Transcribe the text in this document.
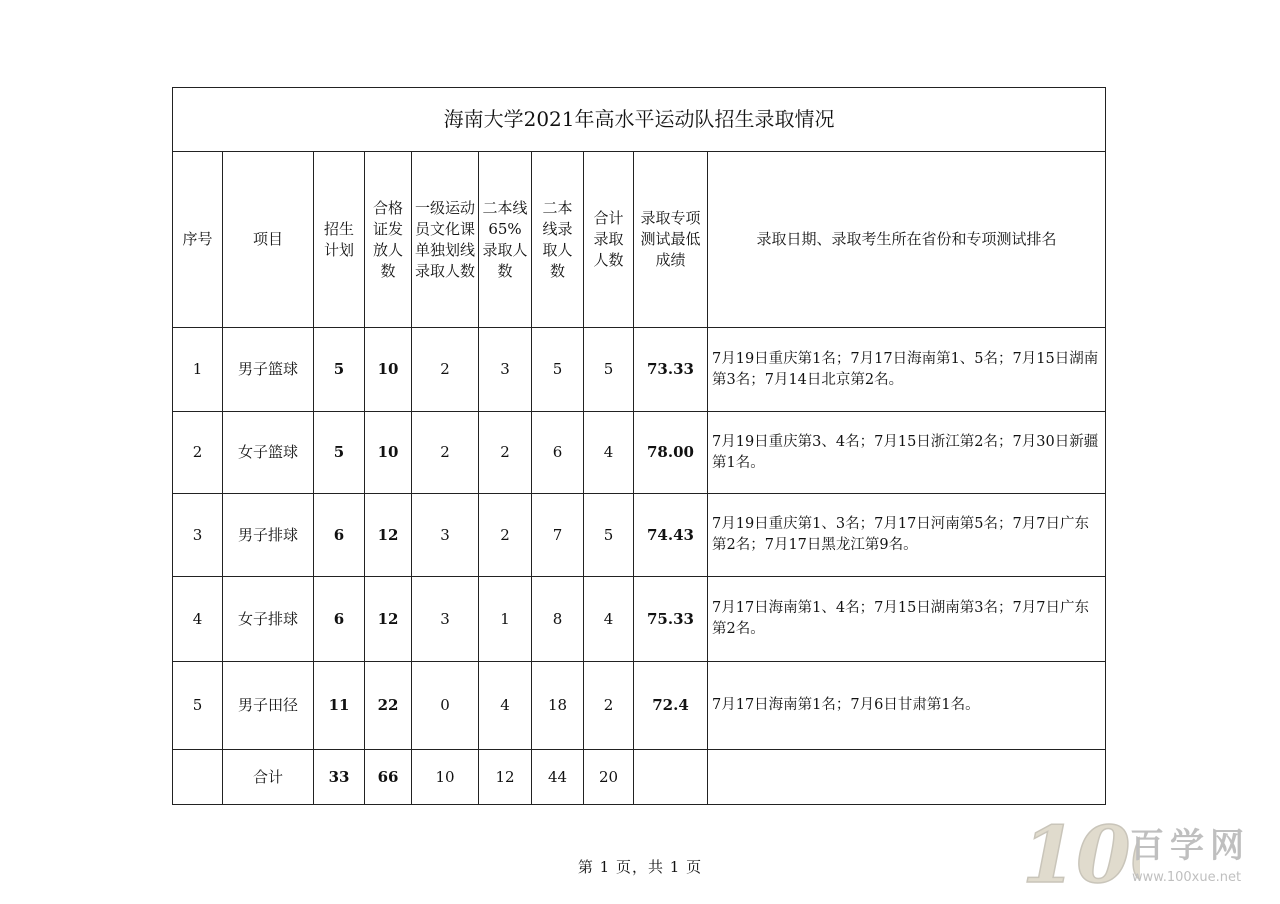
海南大学2021年高水平运动队招生录取情况									
序号	项目	招生计划	合格证发放人数	一级运动员文化课单独划线录取人数	二本线65%录取人数	二本线录取人数	合计录取人数	录取专项测试最低成绩	录取日期、录取考生所在省份和专项测试排名
1	男子篮球	5	10	2	3	5	5	73.33	7月19日重庆第1名；7月17日海南第1、5名；7月15日湖南第3名；7月14日北京第2名。
2	女子篮球	5	10	2	2	6	4	78.00	7月19日重庆第3、4名；7月15日浙江第2名；7月30日新疆第1名。
3	男子排球	6	12	3	2	7	5	74.43	7月19日重庆第1、3名；7月17日河南第5名；7月7日广东第2名；7月17日黑龙江第9名。
4	女子排球	6	12	3	1	8	4	75.33	7月17日海南第1、4名；7月15日湖南第3名；7月7日广东第2名。
5	男子田径	11	22	0	4	18	2	72.4	7月17日海南第1名；7月6日甘肃第1名。
	合计	33	66	10	12	44	20		
第 1 页，共 1 页	10 百学网
www.100xue.net
